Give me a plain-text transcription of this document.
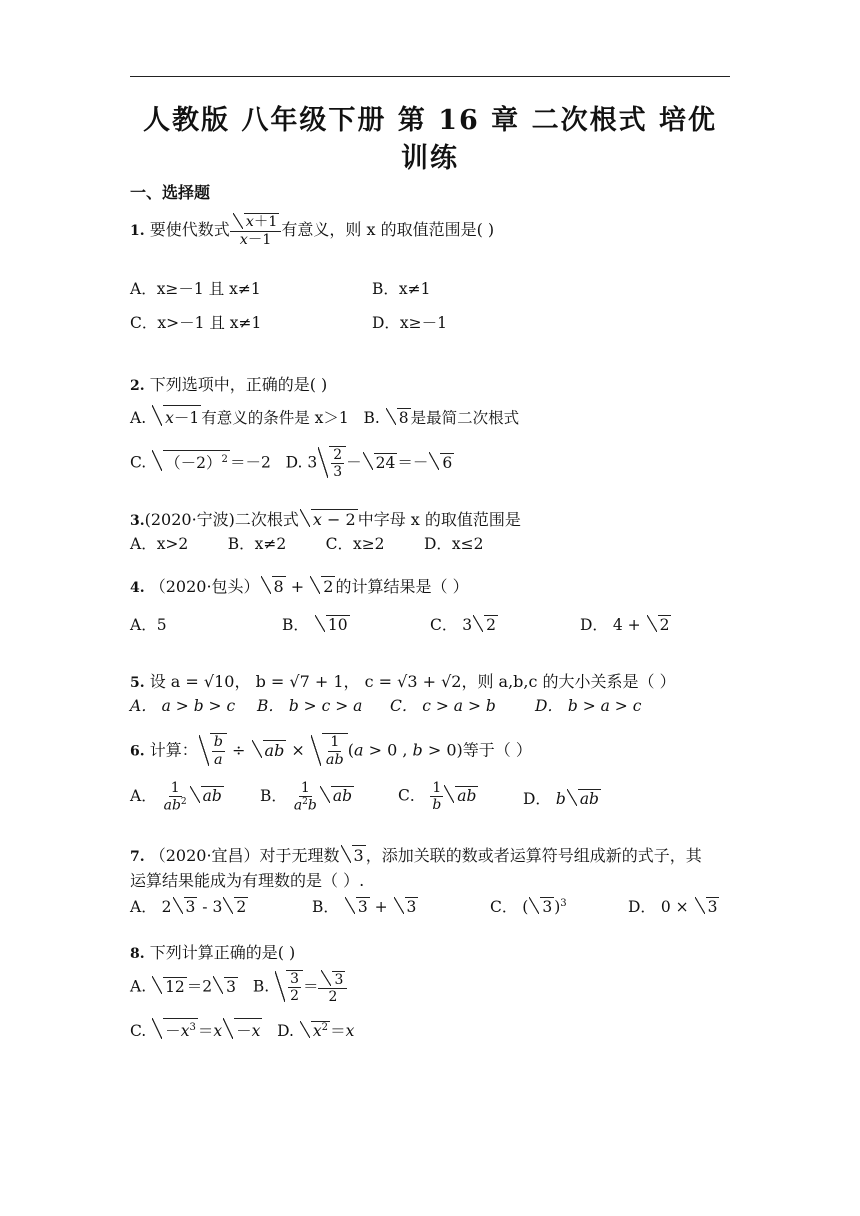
人教版 八年级下册 第 16 章 二次根式 培优
训练
一、选择题
1. 要使代数式 $\frac{x+1}{x-1}$ 有意义，则 x 的取值范围是( )
A．x≥－1 且 x≠1	B．x≠1
C．x>－1 且 x≠1	D．x≥－1
2. 下列选项中，正确的是( )
A. x－1 有意义的条件是 x＞1   B. 8 是最简二次根式
C. $(-2)^2 =-2$   D. $3 \frac{2}{3} - 24 =- 6$
3.(2020·宁波)二次根式 x − 2 中字母 x 的取值范围是
A．x>2        B．x≠2        C．x≥2        D．x≤2
4. （2020·包头） 8 + 2 的计算结果是（ ）
A．5	B． 10	C． 3 2	D． 4 + 2
5. 设 a = √10， b = √7 + 1， c = √3 + √2，则 a,b,c 的大小关系是（ ）
A． a > b > c B． b > c > a C． c > a > b	D． b > a > c
6. 计算： $\frac{b}{a}$ ÷ ab × $\frac{1}{ab} (a > 0$ , b > 0)等于（ ）
A． $\frac{1}{ab^2}$ ab B． $\frac{1}{a^2b}$ ab	C． $\frac{1}{b}$ ab	D． b ab
7. （2020·宜昌）对于无理数 3 ，添加关联的数或者运算符号组成新的式子，其
运算结果能成为有理数的是（ ）.
A． 2 3 - 3 2	B． 3 + 3	C． ( 3 )$^3$	D． 0 × 3
8. 下列计算正确的是( )
A. 12 ＝2 3 B. $\frac{3}{2} = \frac{3}{2}$
C. $-x^3 =x -x$ D. $x^2 =x$
